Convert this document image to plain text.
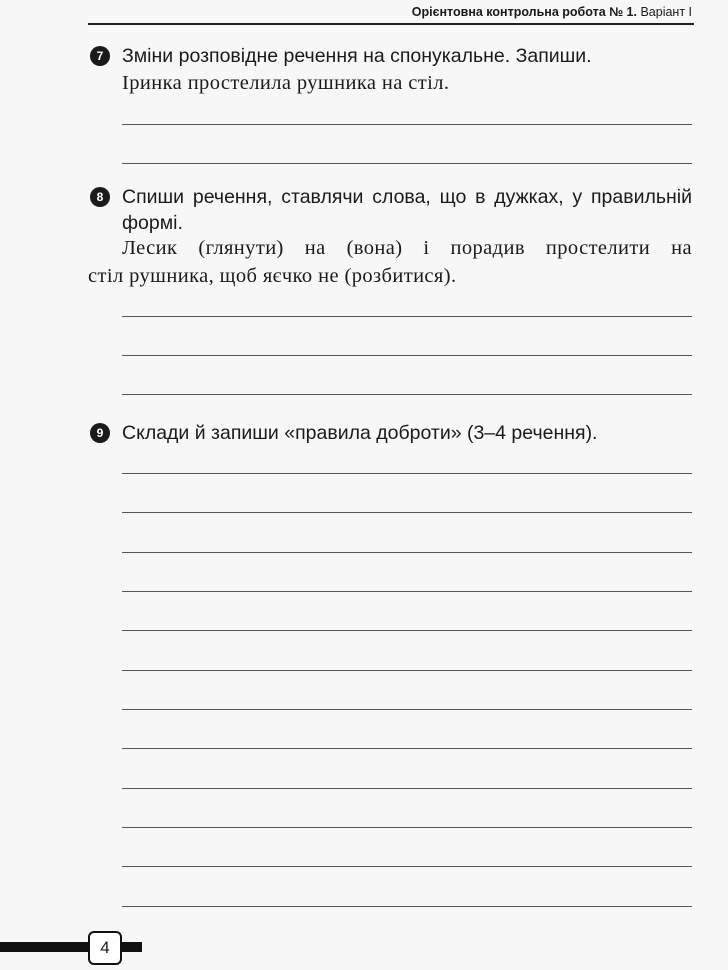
Орієнтовна контрольна робота № 1. Варіант І
7 Зміни розповідне речення на спонукальне. Запиши.
Іринка простелила рушника на стіл.
8 Спиши речення, ставлячи слова, що в дужках, у правильній
формі.
Лесик (глянути) на (вона) і порадив простелити на
стіл рушника, щоб яєчко не (розбитися).
9 Склади й запиши «правила доброти» (3–4 речення).
4
